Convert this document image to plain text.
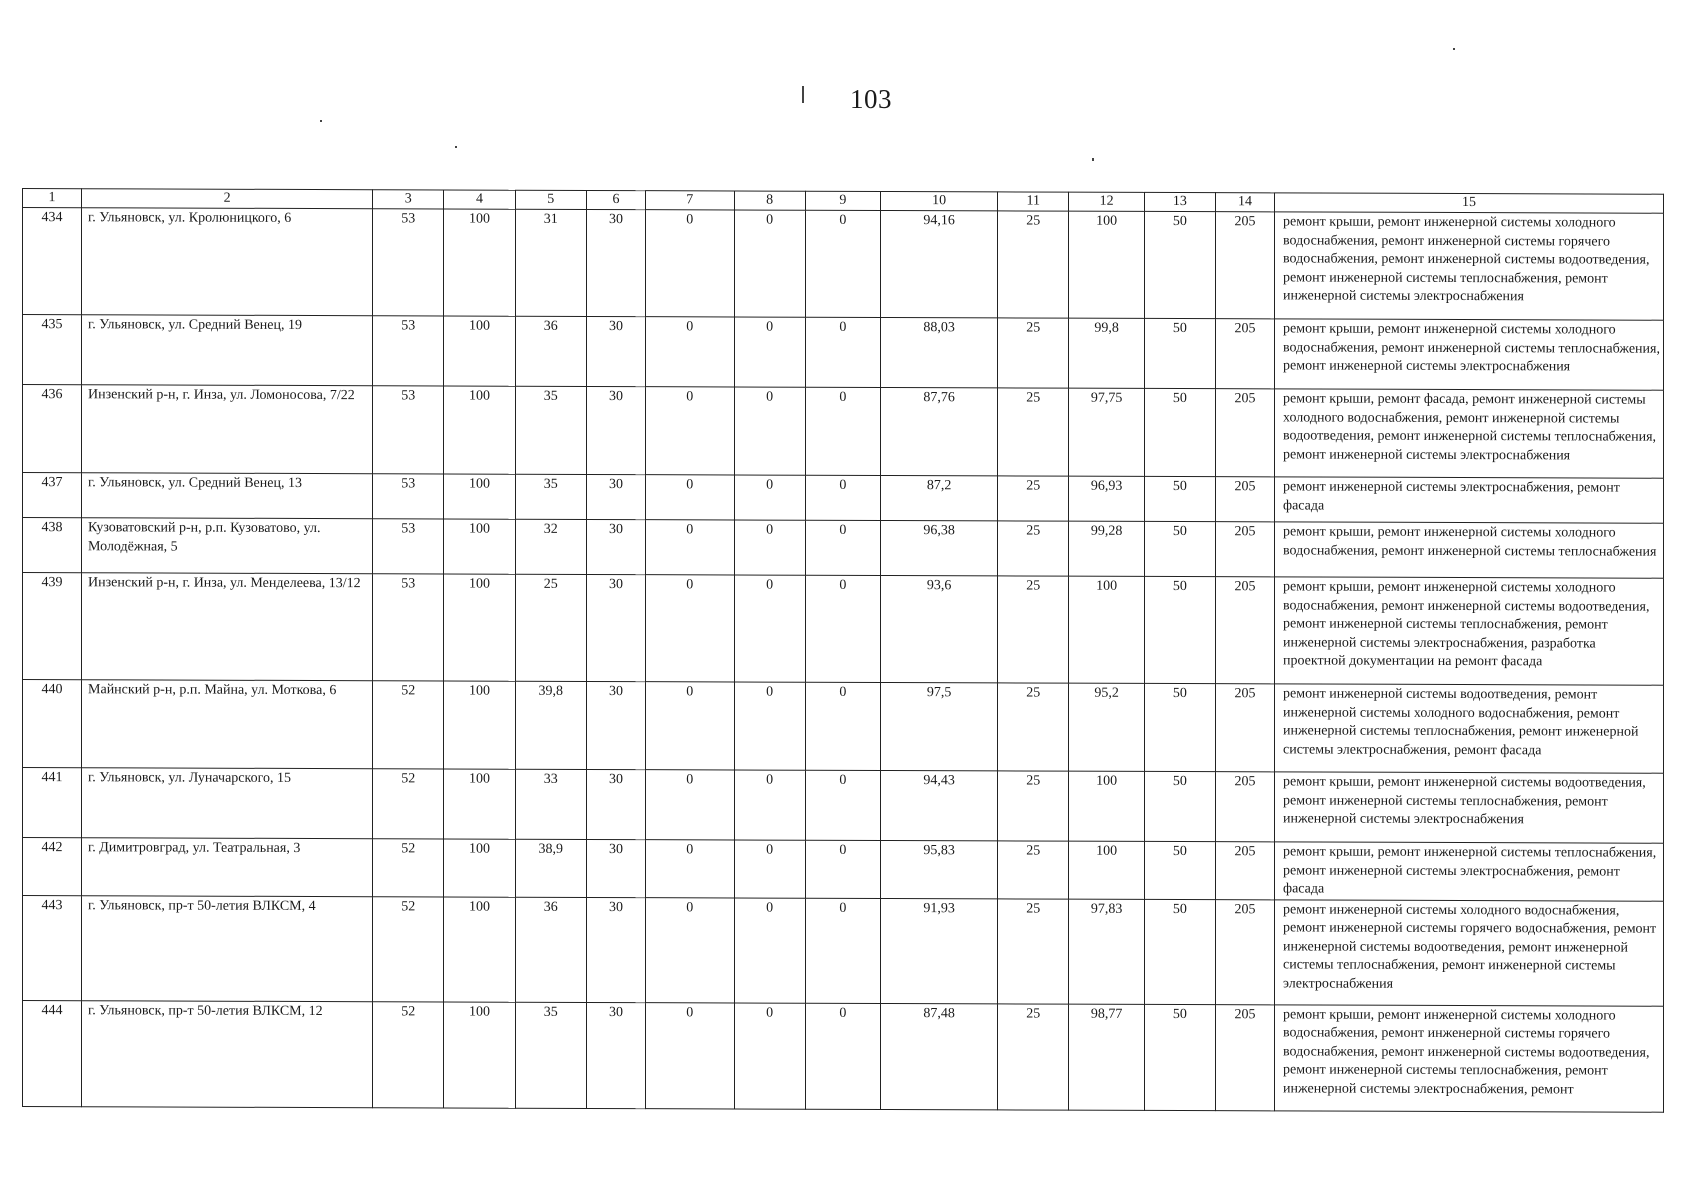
103
1	2	3	4	5	6	7	8	9	10	11	12	13	14	15
434	г. Ульяновск, ул. Кролюницкого, 6	53	100	31	30	0	0	0	94,16	25	100	50	205	ремонт крыши, ремонт инженерной системы холодного водоснабжения, ремонт инженерной системы горячего водоснабжения, ремонт инженерной системы водоотведения, ремонт инженерной системы теплоснабжения, ремонт инженерной системы электроснабжения
435	г. Ульяновск, ул. Средний Венец, 19	53	100	36	30	0	0	0	88,03	25	99,8	50	205	ремонт крыши, ремонт инженерной системы холодного водоснабжения, ремонт инженерной системы теплоснабжения, ремонт инженерной системы электроснабжения
436	Инзенский р-н, г. Инза, ул. Ломоносова, 7/22	53	100	35	30	0	0	0	87,76	25	97,75	50	205	ремонт крыши, ремонт фасада, ремонт инженерной системы холодного водоснабжения, ремонт инженерной системы водоотведения, ремонт инженерной системы теплоснабжения, ремонт инженерной системы электроснабжения
437	г. Ульяновск, ул. Средний Венец, 13	53	100	35	30	0	0	0	87,2	25	96,93	50	205	ремонт инженерной системы электроснабжения, ремонт фасада
438	Кузоватовский р-н, р.п. Кузоватово, ул. Молодёжная, 5	53	100	32	30	0	0	0	96,38	25	99,28	50	205	ремонт крыши, ремонт инженерной системы холодного водоснабжения, ремонт инженерной системы теплоснабжения
439	Инзенский р-н, г. Инза, ул. Менделеева, 13/12	53	100	25	30	0	0	0	93,6	25	100	50	205	ремонт крыши, ремонт инженерной системы холодного водоснабжения, ремонт инженерной системы водоотведения, ремонт инженерной системы теплоснабжения, ремонт инженерной системы электроснабжения, разработка проектной документации на ремонт фасада
440	Майнский р-н, р.п. Майна, ул. Моткова, 6	52	100	39,8	30	0	0	0	97,5	25	95,2	50	205	ремонт инженерной системы водоотведения, ремонт инженерной системы холодного водоснабжения, ремонт инженерной системы теплоснабжения, ремонт инженерной системы электроснабжения, ремонт фасада
441	г. Ульяновск, ул. Луначарского, 15	52	100	33	30	0	0	0	94,43	25	100	50	205	ремонт крыши, ремонт инженерной системы водоотведения, ремонт инженерной системы теплоснабжения, ремонт инженерной системы электроснабжения
442	г. Димитровград, ул. Театральная, 3	52	100	38,9	30	0	0	0	95,83	25	100	50	205	ремонт крыши, ремонт инженерной системы теплоснабжения, ремонт инженерной системы электроснабжения, ремонт фасада
443	г. Ульяновск, пр-т 50-летия ВЛКСМ, 4	52	100	36	30	0	0	0	91,93	25	97,83	50	205	ремонт инженерной системы холодного водоснабжения, ремонт инженерной системы горячего водоснабжения, ремонт инженерной системы водоотведения, ремонт инженерной системы теплоснабжения, ремонт инженерной системы электроснабжения
444	г. Ульяновск, пр-т 50-летия ВЛКСМ, 12	52	100	35	30	0	0	0	87,48	25	98,77	50	205	ремонт крыши, ремонт инженерной системы холодного водоснабжения, ремонт инженерной системы горячего водоснабжения, ремонт инженерной системы водоотведения, ремонт инженерной системы теплоснабжения, ремонт инженерной системы электроснабжения, ремонт
